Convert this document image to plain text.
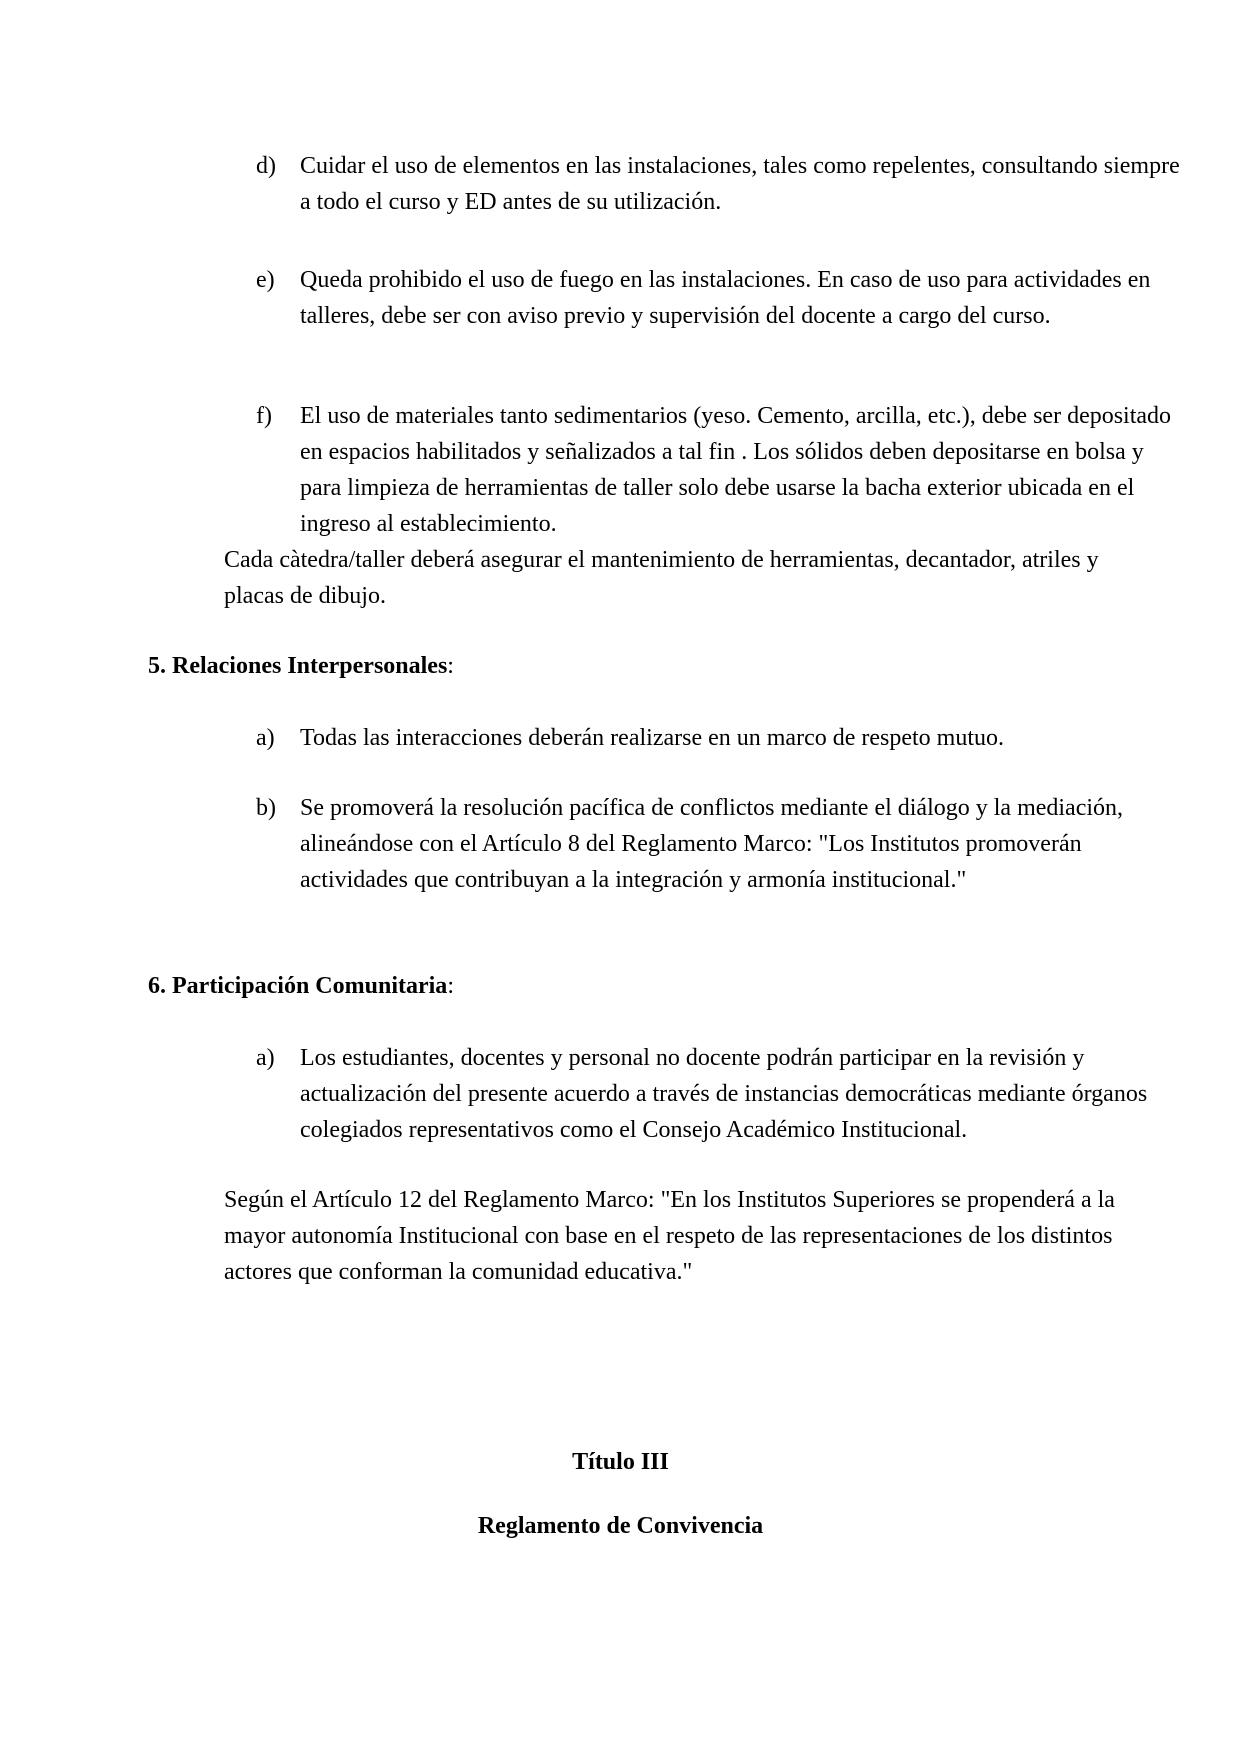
d) Cuidar el uso de elementos en las instalaciones, tales como repelentes, consultando siempre a todo el curso y ED antes de su utilización.
e) Queda prohibido el uso de fuego en las instalaciones. En caso de uso para actividades en talleres, debe ser con aviso previo y supervisión del docente a cargo del curso.
f) El uso de materiales tanto sedimentarios (yeso. Cemento, arcilla, etc.), debe ser depositado en espacios habilitados y señalizados a tal fin . Los sólidos deben depositarse en bolsa y para limpieza de herramientas de taller solo debe usarse la bacha exterior ubicada en el ingreso al establecimiento.
Cada càtedra/taller deberá asegurar el mantenimiento de herramientas, decantador, atriles y placas de dibujo.
5. Relaciones Interpersonales:
a) Todas las interacciones deberán realizarse en un marco de respeto mutuo.
b) Se promoverá la resolución pacífica de conflictos mediante el diálogo y la mediación, alineándose con el Artículo 8 del Reglamento Marco: "Los Institutos promoverán actividades que contribuyan a la integración y armonía institucional."
6. Participación Comunitaria:
a) Los estudiantes, docentes y personal no docente podrán participar en la revisión y actualización del presente acuerdo a través de instancias democráticas mediante órganos colegiados representativos como el Consejo Académico Institucional.
Según el Artículo 12 del Reglamento Marco: "En los Institutos Superiores se propenderá a la mayor autonomía Institucional con base en el respeto de las representaciones de los distintos actores que conforman la comunidad educativa."
Título III
Reglamento de Convivencia
